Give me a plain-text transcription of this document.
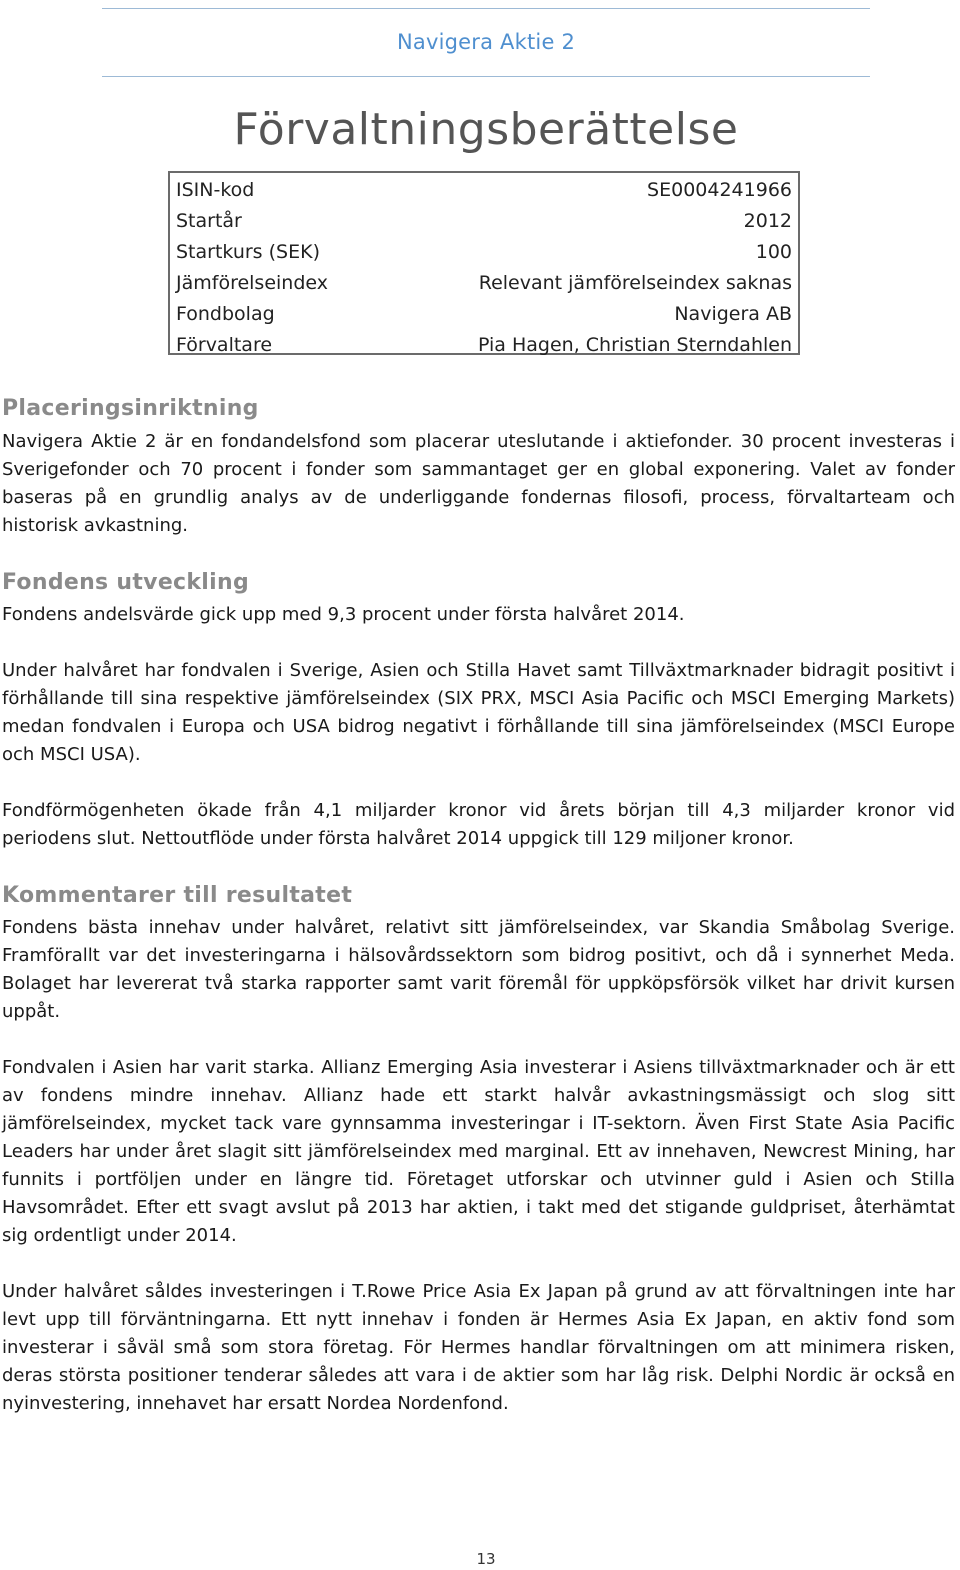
Navigera Aktie 2
Förvaltningsberättelse
ISIN-kod	SE0004241966
Startår	2012
Startkurs (SEK)	100
Jämförelseindex	Relevant jämförelseindex saknas
Fondbolag	Navigera AB
Förvaltare	Pia Hagen, Christian Sterndahlen
Placeringsinriktning

Navigera Aktie 2 är en fondandelsfond som placerar uteslutande i aktiefonder. 30 procent investeras i Sverigefonder och 70 procent i fonder som sammantaget ger en global exponering. Valet av fonder baseras på en grundlig analys av de underliggande fondernas filosofi, process, förvaltarteam och historisk avkastning.

Fondens utveckling

Fondens andelsvärde gick upp med 9,3 procent under första halvåret 2014.

Under halvåret har fondvalen i Sverige, Asien och Stilla Havet samt Tillväxtmarknader bidragit positivt i förhållande till sina respektive jämförelseindex (SIX PRX, MSCI Asia Pacific och MSCI Emerging Markets) medan fondvalen i Europa och USA bidrog negativt i förhållande till sina jämförelseindex (MSCI Europe och MSCI USA).

Fondförmögenheten ökade från 4,1 miljarder kronor vid årets början till 4,3 miljarder kronor vid periodens slut. Nettoutflöde under första halvåret 2014 uppgick till 129 miljoner kronor.

Kommentarer till resultatet

Fondens bästa innehav under halvåret, relativt sitt jämförelseindex, var Skandia Småbolag Sverige. Framförallt var det investeringarna i hälsovårdssektorn som bidrog positivt, och då i synnerhet Meda. Bolaget har levererat två starka rapporter samt varit föremål för uppköpsförsök vilket har drivit kursen uppåt.

Fondvalen i Asien har varit starka. Allianz Emerging Asia investerar i Asiens tillväxtmarknader och är ett av fondens mindre innehav. Allianz hade ett starkt halvår avkastningsmässigt och slog sitt jämförelseindex, mycket tack vare gynnsamma investeringar i IT-sektorn. Även First State Asia Pacific Leaders har under året slagit sitt jämförelseindex med marginal. Ett av innehaven, Newcrest Mining, har funnits i portföljen under en längre tid. Företaget utforskar och utvinner guld i Asien och Stilla Havsområdet. Efter ett svagt avslut på 2013 har aktien, i takt med det stigande guldpriset, återhämtat sig ordentligt under 2014.

Under halvåret såldes investeringen i T.Rowe Price Asia Ex Japan på grund av att förvaltningen inte har levt upp till förväntningarna. Ett nytt innehav i fonden är Hermes Asia Ex Japan, en aktiv fond som investerar i såväl små som stora företag. För Hermes handlar förvaltningen om att minimera risken, deras största positioner tenderar således att vara i de aktier som har låg risk. Delphi Nordic är också en nyinvestering, innehavet har ersatt Nordea Nordenfond.

13
